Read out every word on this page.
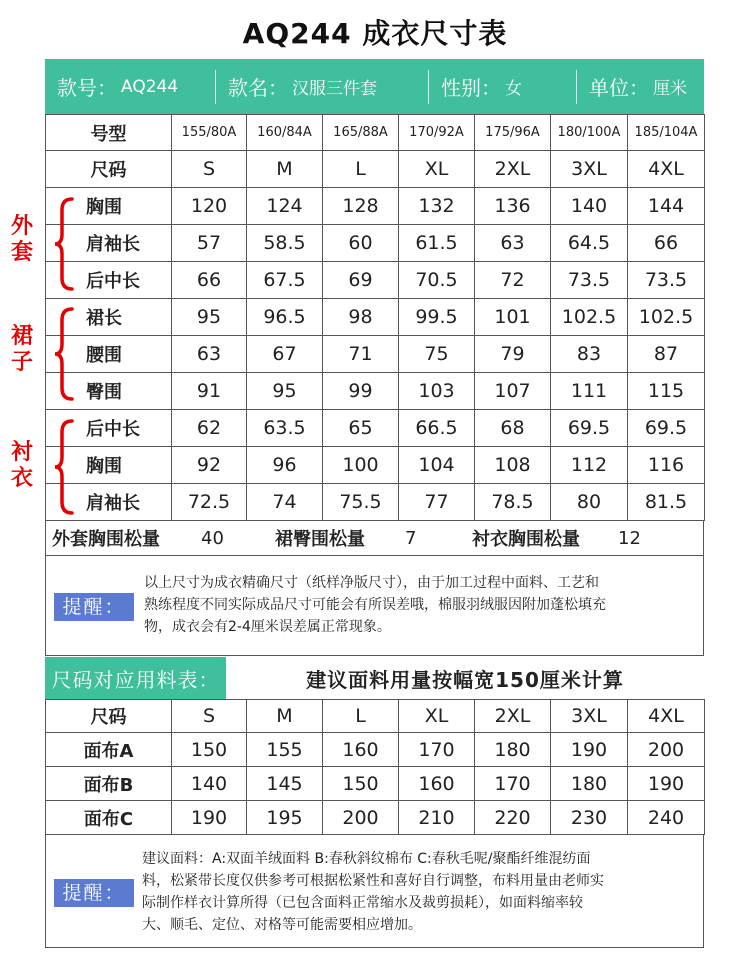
AQ244 成衣尺寸表
款号： AQ244 款名： 汉服三件套	性别： 女	单位： 厘米
号型	155/80A	160/84A	165/88A	170/92A	175/96A	180/100A	185/104A
尺码	S	M	L	XL	2XL	3XL	4XL
胸围	120	124	128	132	136	140	144
肩袖长	57	58.5	60	61.5	63	64.5	66
后中长	66	67.5	69	70.5	72	73.5	73.5
裙长	95	96.5	98	99.5	101	102.5	102.5
腰围	63	67	71	75	79	83	87
臀围	91	95	99	103	107	111	115
后中长	62	63.5	65	66.5	68	69.5	69.5
胸围	92	96	100	104	108	112	116
肩袖长	72.5	74	75.5	77	78.5	80	81.5
外
套
裙
子
衬
衣
外套胸围松量 40	裙臀围松量 7	衬衣胸围松量 12
提醒：
以上尺寸为成衣精确尺寸（纸样净版尺寸），由于加工过程中面料、工艺和
熟练程度不同实际成品尺寸可能会有所误差哦，棉服羽绒服因附加蓬松填充
物，成衣会有2-4厘米误差属正常现象。
尺码对应用料表：	建议面料用量按幅宽150厘米计算
尺码	S	M	L	XL	2XL	3XL	4XL
面布A	150	155	160	170	180	190	200
面布B	140	145	150	160	170	180	190
面布C	190	195	200	210	220	230	240
提醒：
建议面料：A:双面羊绒面料 B:春秋斜纹棉布 C:春秋毛呢/聚酯纤维混纺面
料，松紧带长度仅供参考可根据松紧性和喜好自行调整，布料用量由老师实
际制作样衣计算所得（已包含面料正常缩水及裁剪损耗），如面料缩率较
大、顺毛、定位、对格等可能需要相应增加。
